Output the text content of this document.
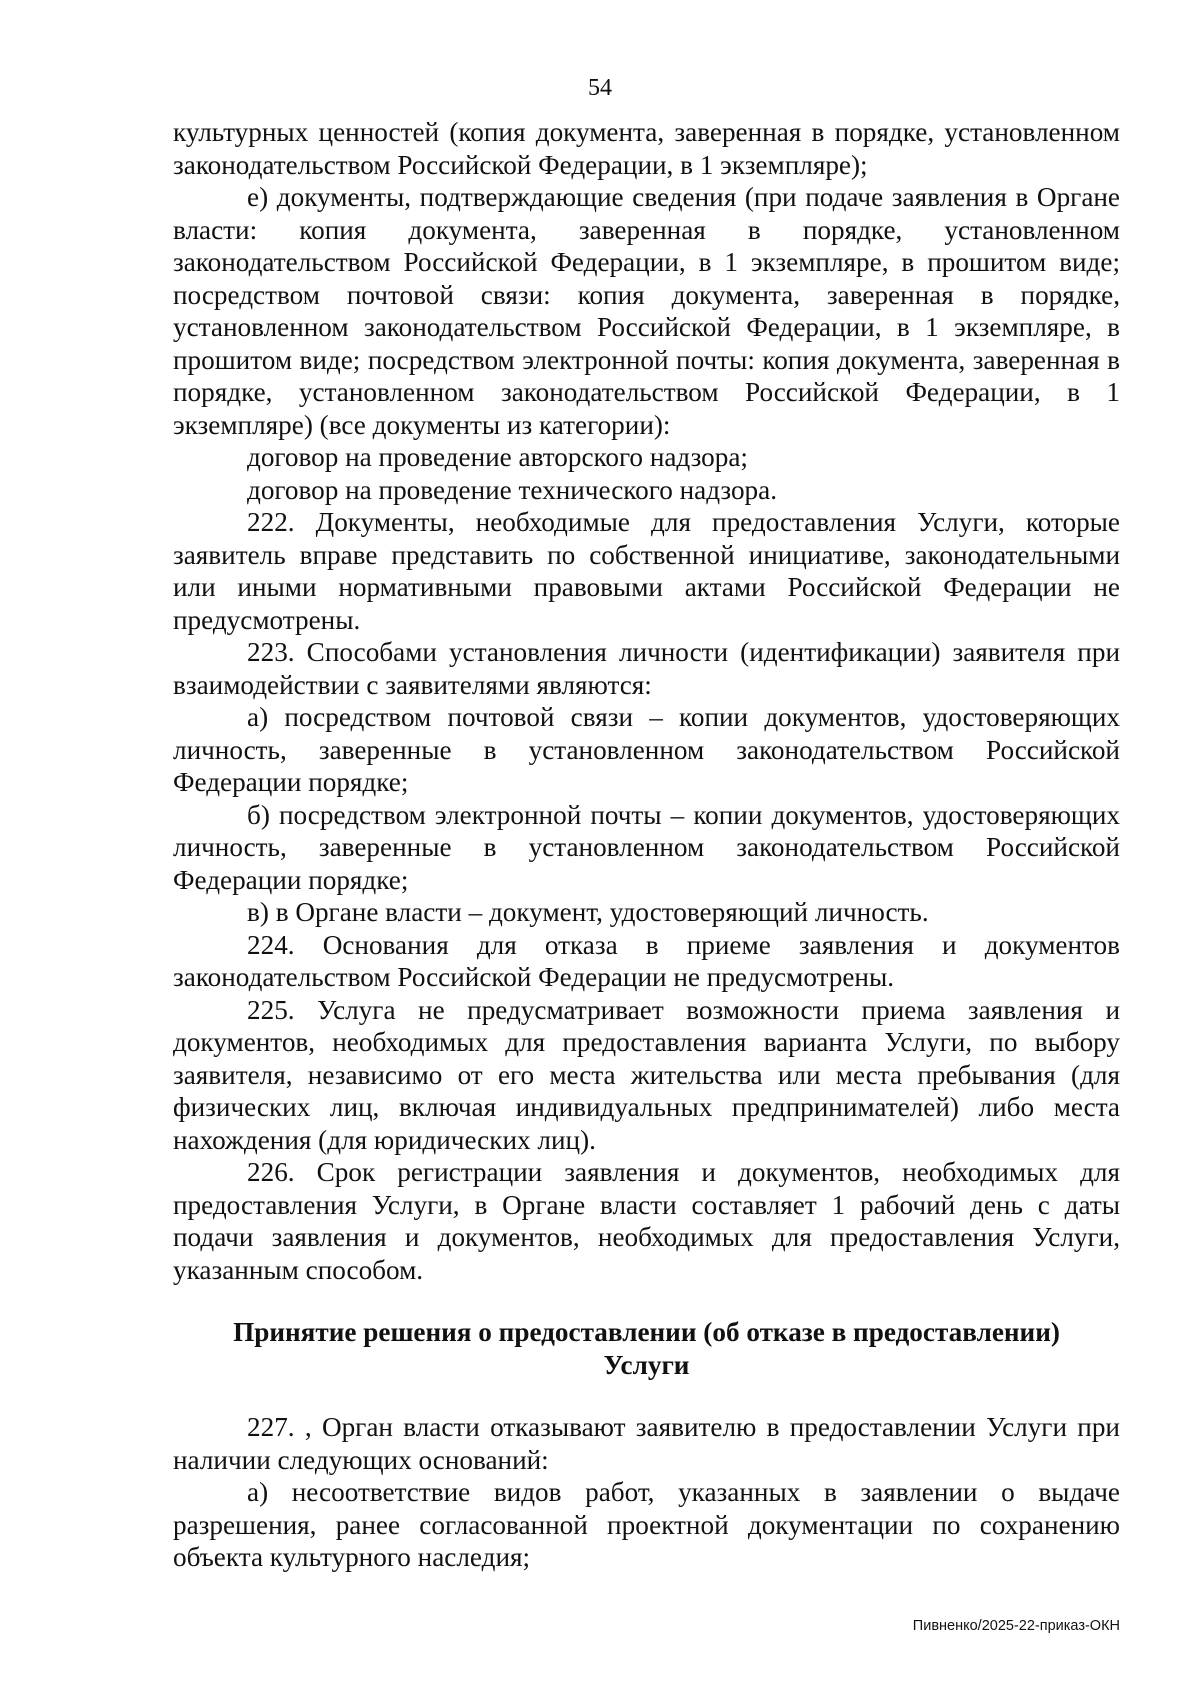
54

культурных ценностей (копия документа, заверенная в порядке, установленном законодательством Российской Федерации, в 1 экземпляре);

е) документы, подтверждающие сведения (при подаче заявления в Органе власти: копия документа, заверенная в порядке, установленном законодательством Российской Федерации, в 1 экземпляре, в прошитом виде; посредством почтовой связи: копия документа, заверенная в порядке, установленном законодательством Российской Федерации, в 1 экземпляре, в прошитом виде; посредством электронной почты: копия документа, заверенная в порядке, установленном законодательством Российской Федерации, в 1 экземпляре) (все документы из категории):

договор на проведение авторского надзора;

договор на проведение технического надзора.

222. Документы, необходимые для предоставления Услуги, которые заявитель вправе представить по собственной инициативе, законодательными или иными нормативными правовыми актами Российской Федерации не предусмотрены.

223. Способами установления личности (идентификации) заявителя при взаимодействии с заявителями являются:

а) посредством почтовой связи – копии документов, удостоверяющих личность, заверенные в установленном законодательством Российской Федерации порядке;

б) посредством электронной почты – копии документов, удостоверяющих личность, заверенные в установленном законодательством Российской Федерации порядке;

в) в Органе власти – документ, удостоверяющий личность.

224. Основания для отказа в приеме заявления и документов законодательством Российской Федерации не предусмотрены.

225. Услуга не предусматривает возможности приема заявления и документов, необходимых для предоставления варианта Услуги, по выбору заявителя, независимо от его места жительства или места пребывания (для физических лиц, включая индивидуальных предпринимателей) либо места нахождения (для юридических лиц).

226. Срок регистрации заявления и документов, необходимых для предоставления Услуги, в Органе власти составляет 1 рабочий день с даты подачи заявления и документов, необходимых для предоставления Услуги, указанным способом.

Принятие решения о предоставлении (об отказе в предоставлении)
Услуги

227. , Орган власти отказывают заявителю в предоставлении Услуги при наличии следующих оснований:

а) несоответствие видов работ, указанных в заявлении о выдаче разрешения, ранее согласованной проектной документации по сохранению объекта культурного наследия;

Пивненко/2025-22-приказ-ОКН
